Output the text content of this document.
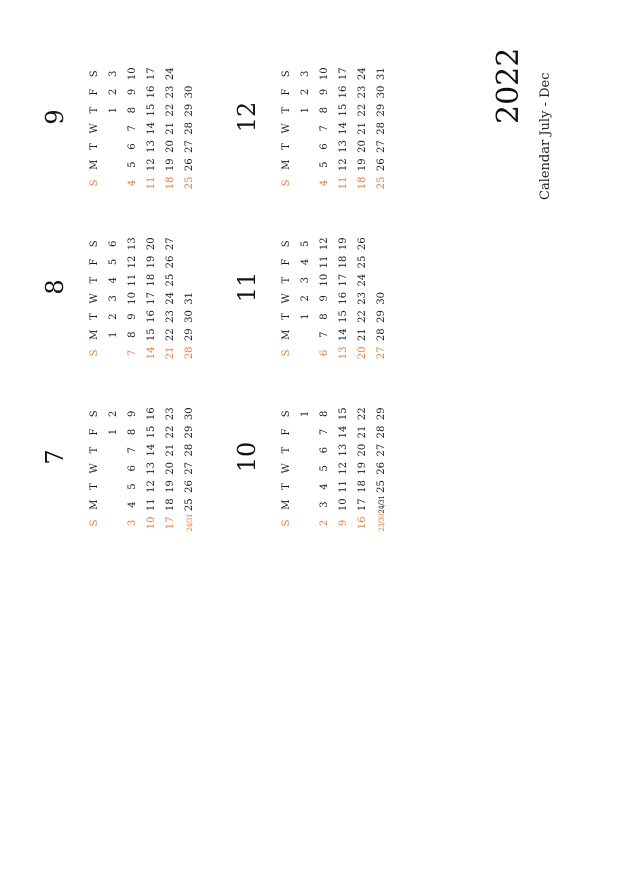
7
S
M
T
W
T
F
S
1
2
3
4
5
6
7
8
9
10
11
12
13
14
15
16
17
18
19
20
21
22
23
24/31
25
26
27
28
29
30
8
S
M
T
W
T
F
S
1
2
3
4
5
6
7
8
9
10
11
12
13
14
15
16
17
18
19
20
21
22
23
24
25
26
27
28
29
30
31
9
S
M
T
W
T
F
S
1
2
3
4
5
6
7
8
9
10
11
12
13
14
15
16
17
18
19
20
21
22
23
24
25
26
27
28
29
30
10
S
M
T
W
T
F
S 1
2
3
4
5
6
7
8
9
10
11
12
13
14
15
16
17
18
19
20
21
22
23/30
24/31
25
26
27
28
29
11
S
M
T
W
T
F
S
1
2
3
4
5
6
7
8
9
10
11
12
13
14
15
16
17
18
19
20
21
22
23
24
25
26
27
28
29
30
12
S
M
T
W
T
F
S
1
2
3
4
5
6
7
8
9
10
11
12
13
14
15
16
17
18
19
20
21
22
23
24
25
26
27
28
29
30
31	2022 Calendar July - Dec
